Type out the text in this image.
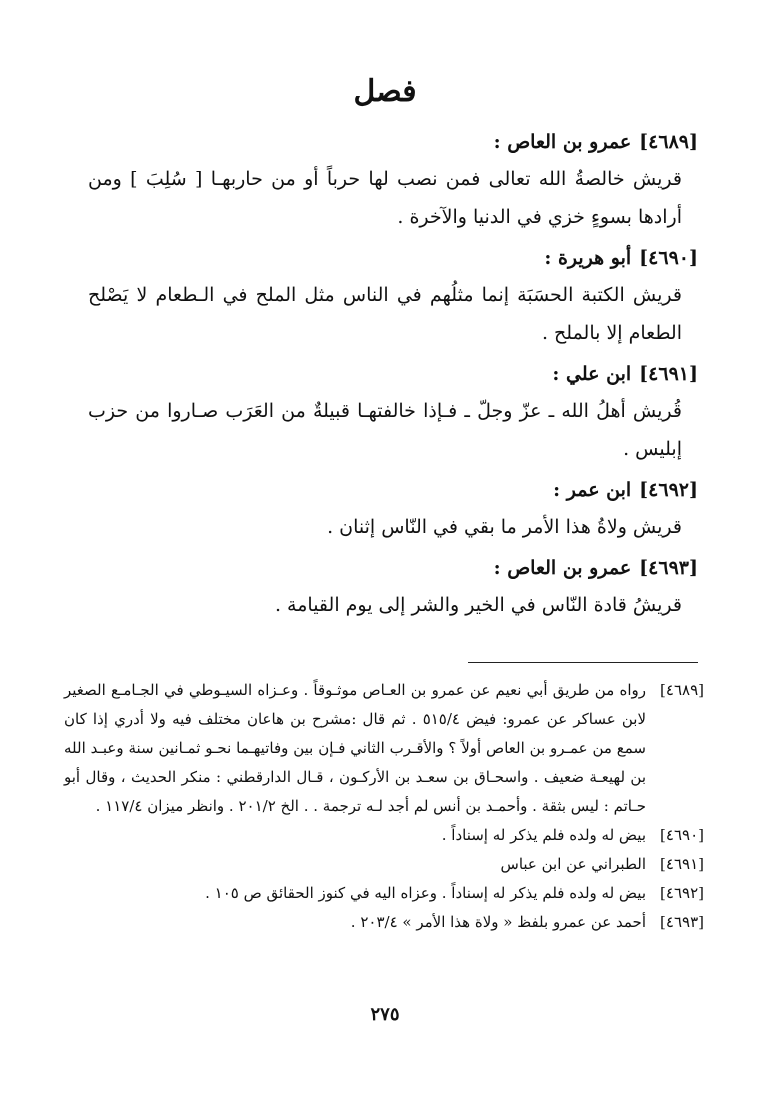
فصل

[٤٦٨٩]عمرو بن العاص :

قريش خالصةُ الله تعالى فمن نصب لها حرباً أو من حاربهـا [ سُلِبَ ] ومن أرادها بسوءٍ خزي في الدنيا والآخرة .

[٤٦٩٠]أبو هريرة :

قريش الكتبة الحسَبَة إنما مثلُهم في الناس مثل الملح في الـطعام لا يَصْلح الطعام إلا بالملح .

[٤٦٩١]ابن علي :

قُريش أهلُ الله ـ عزّ وجلّ ـ فـإذا خالفتهـا قبيلةٌ من العَرَب صـاروا من حزب إبليس .

[٤٦٩٢]ابن عمر :

قريش ولاةُ هذا الأمر ما بقي في النّاس إثنان .

[٤٦٩٣]عمرو بن العاص :

قريشُ قادة النّاس في الخير والشر إلى يوم القيامة .

[٤٦٨٩]
رواه من طريق أبي نعيم عن عمرو بن العـاص موثـوقاً . وعـزاه السيـوطي في الجـامـع الصغير لابن عساكر عن عمرو: فيض ٥١٥/٤ . ثم قال :مشرح بن هاعان مختلف فيه ولا أدري إذا كان سمع من عمـرو بن العاص أولاً ؟ والأقـرب الثاني فـإن بين وفاتيهـما نحـو ثمـانين سنة وعبـد الله بن لهيعـة ضعيف . واسحـاق بن سعـد بن الأركـون ، قـال الدارقطني : منكر الحديث ، وقال أبو حـاتم : ليس بثقة . وأحمـد بن أنس لم أجد لـه ترجمة . . الخ ٢٠١/٢ . وانظر ميزان ١١٧/٤ .
[٤٦٩٠]
بيض له ولده فلم يذكر له إسناداً .
[٤٦٩١]
الطبراني عن ابن عباس
[٤٦٩٢]
بيض له ولده فلم يذكر له إسناداً . وعزاه اليه في كنوز الحقائق ص ١٠٥ .
[٤٦٩٣]
أحمد عن عمرو بلفظ « ولاة هذا الأمر » ٢٠٣/٤ .
٢٧٥
